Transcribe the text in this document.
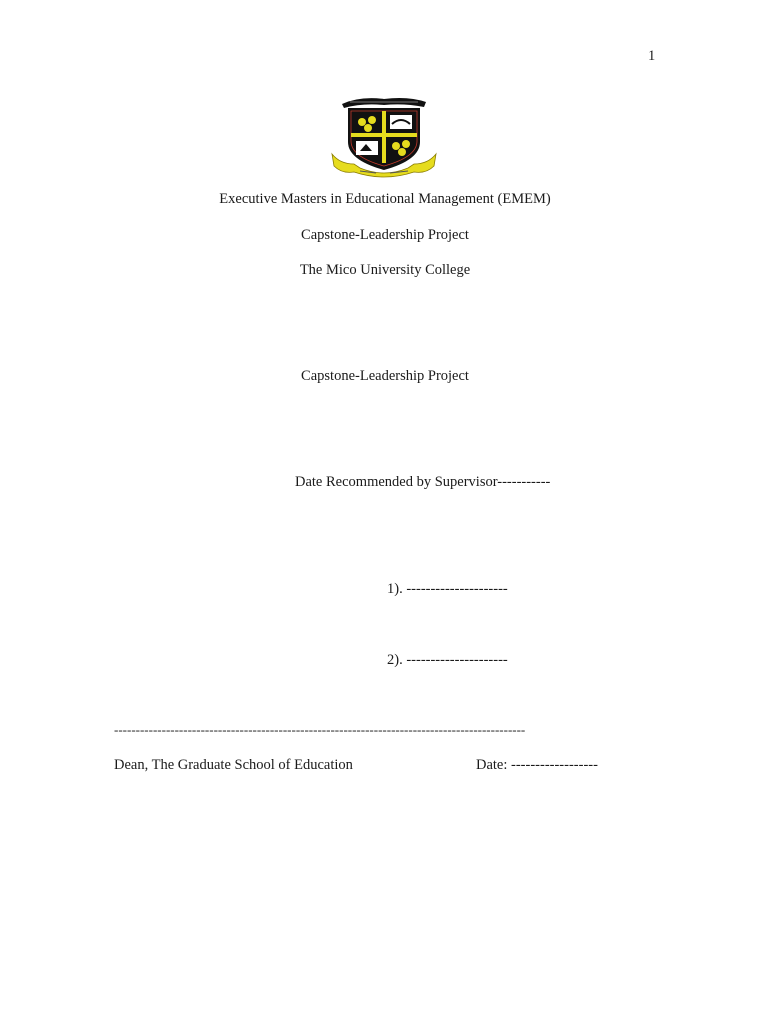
1
Executive Masters in Educational Management (EMEM)
Capstone-Leadership Project
The Mico University College
Capstone-Leadership Project
Date Recommended by Supervisor-----------
1). ---------------------
2). ---------------------
-----------------------------------------------------------------------------------------------
Dean, The Graduate School of Education	Date: ------------------
